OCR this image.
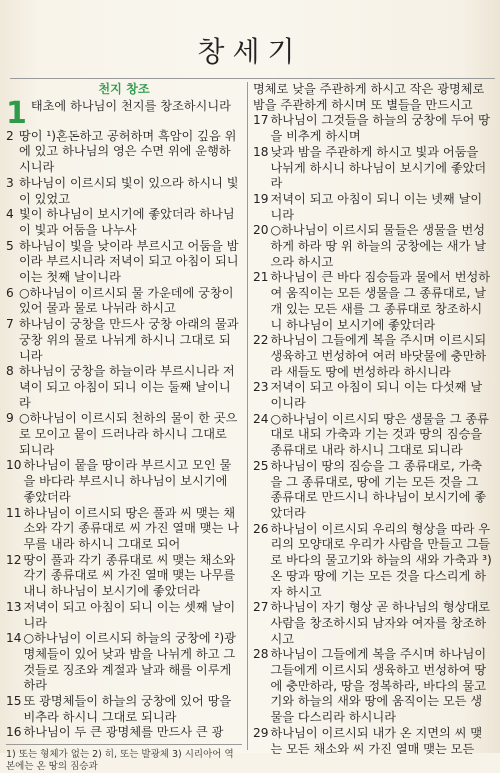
창세기
천지 창조
1 태초에 하나님이 천지를 창조하시니라
2 땅이 ¹)혼돈하고 공허하며 흑암이 깊음 위에 있고 하나님의 영은 수면 위에 운행하시니라
3 하나님이 이르시되 빛이 있으라 하시니 빛이 있었고
4 빛이 하나님이 보시기에 좋았더라 하나님이 빛과 어둠을 나누사
5 하나님이 빛을 낮이라 부르시고 어둠을 밤이라 부르시니라 저녁이 되고 아침이 되니 이는 첫째 날이니라
6 ○하나님이 이르시되 물 가운데에 궁창이 있어 물과 물로 나뉘라 하시고
7 하나님이 궁창을 만드사 궁창 아래의 물과 궁창 위의 물로 나뉘게 하시니 그대로 되니라
8 하나님이 궁창을 하늘이라 부르시니라 저녁이 되고 아침이 되니 이는 둘째 날이니라
9 ○하나님이 이르시되 천하의 물이 한 곳으로 모이고 뭍이 드러나라 하시니 그대로 되니라
10 하나님이 뭍을 땅이라 부르시고 모인 물을 바다라 부르시니 하나님이 보시기에 좋았더라
11 하나님이 이르시되 땅은 풀과 씨 맺는 채소와 각기 종류대로 씨 가진 열매 맺는 나무를 내라 하시니 그대로 되어
12 땅이 풀과 각기 종류대로 씨 맺는 채소와 각기 종류대로 씨 가진 열매 맺는 나무를 내니 하나님이 보시기에 좋았더라
13 저녁이 되고 아침이 되니 이는 셋째 날이니라
14 ○하나님이 이르시되 하늘의 궁창에 ²)광명체들이 있어 낮과 밤을 나뉘게 하고 그것들로 징조와 계절과 날과 해를 이루게 하라
15 또 광명체들이 하늘의 궁창에 있어 땅을 비추라 하시니 그대로 되니라
16 하나님이 두 큰 광명체를 만드사 큰 광
1) 또는 형체가 없는 2) 히, 또는 발광체 3) 시리아어 역본에는 온 땅의 짐승과
명체로 낮을 주관하게 하시고 작은 광명체로 밤을 주관하게 하시며 또 별들을 만드시고
17 하나님이 그것들을 하늘의 궁창에 두어 땅을 비추게 하시며
18 낮과 밤을 주관하게 하시고 빛과 어둠을 나뉘게 하시니 하나님이 보시기에 좋았더라
19 저녁이 되고 아침이 되니 이는 넷째 날이니라
20 ○하나님이 이르시되 물들은 생물을 번성하게 하라 땅 위 하늘의 궁창에는 새가 날으라 하시고
21 하나님이 큰 바다 짐승들과 물에서 번성하여 움직이는 모든 생물을 그 종류대로, 날개 있는 모든 새를 그 종류대로 창조하시니 하나님이 보시기에 좋았더라
22 하나님이 그들에게 복을 주시며 이르시되 생육하고 번성하여 여러 바닷물에 충만하라 새들도 땅에 번성하라 하시니라
23 저녁이 되고 아침이 되니 이는 다섯째 날이니라
24 ○하나님이 이르시되 땅은 생물을 그 종류대로 내되 가축과 기는 것과 땅의 짐승을 종류대로 내라 하시니 그대로 되니라
25 하나님이 땅의 짐승을 그 종류대로, 가축을 그 종류대로, 땅에 기는 모든 것을 그 종류대로 만드시니 하나님이 보시기에 좋았더라
26 하나님이 이르시되 우리의 형상을 따라 우리의 모양대로 우리가 사람을 만들고 그들로 바다의 물고기와 하늘의 새와 가축과 ³)온 땅과 땅에 기는 모든 것을 다스리게 하자 하시고
27 하나님이 자기 형상 곧 하나님의 형상대로 사람을 창조하시되 남자와 여자를 창조하시고
28 하나님이 그들에게 복을 주시며 하나님이 그들에게 이르시되 생육하고 번성하여 땅에 충만하라, 땅을 정복하라, 바다의 물고기와 하늘의 새와 땅에 움직이는 모든 생물을 다스리라 하시니라
29 하나님이 이르시되 내가 온 지면의 씨 맺는 모든 채소와 씨 가진 열매 맺는 모든
